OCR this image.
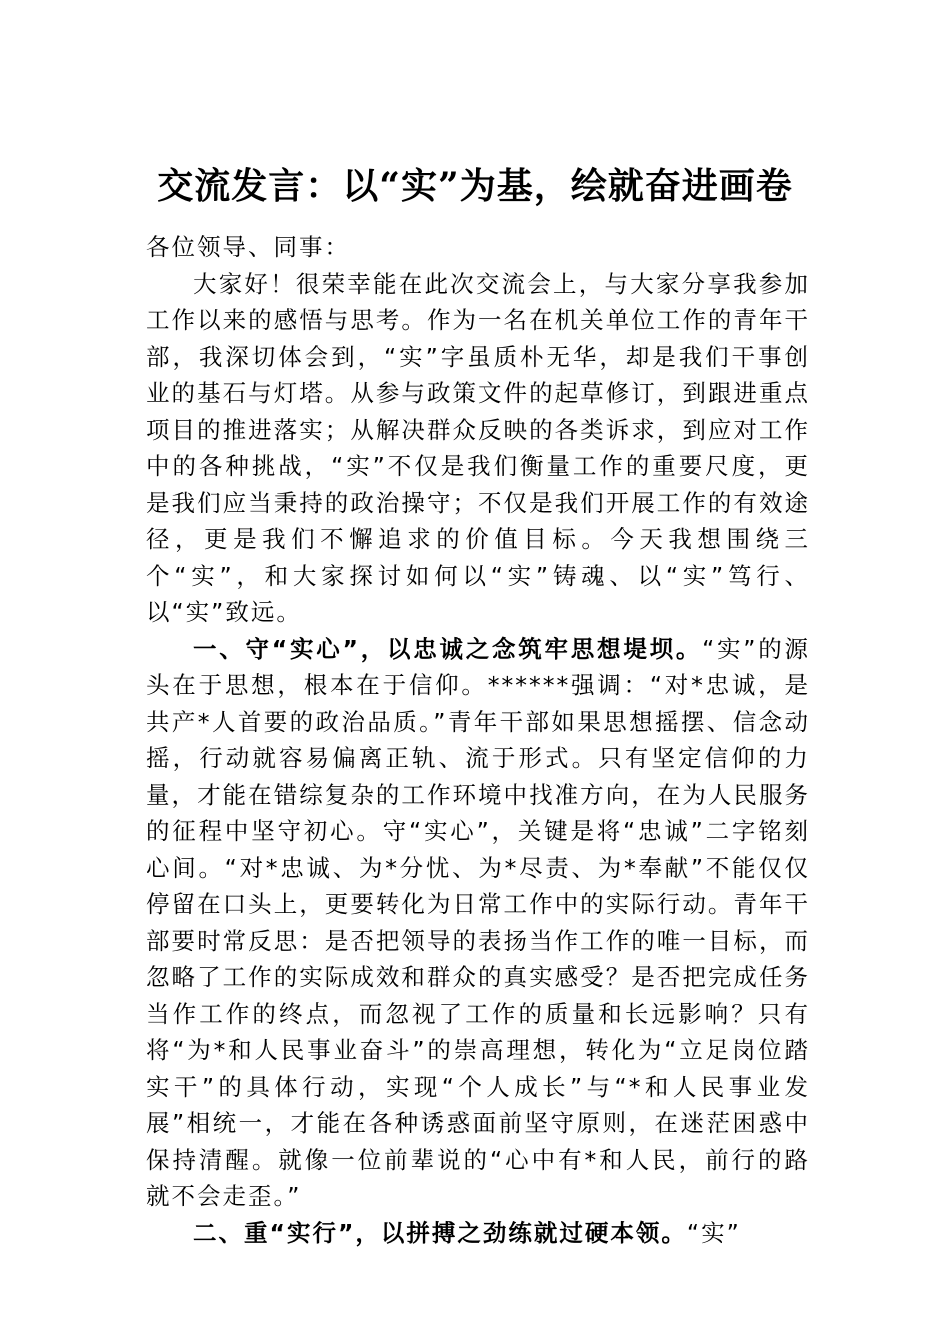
交流发言：以“实”为基，绘就奋进画卷

各位领导、同事：

大家好！很荣幸能在此次交流会上，与大家分享我参加工作以来的感悟与思考。作为一名在机关单位工作的青年干部，我深切体会到，“实”字虽质朴无华，却是我们干事创业的基石与灯塔。从参与政策文件的起草修订，到跟进重点项目的推进落实；从解决群众反映的各类诉求，到应对工作中的各种挑战，“实”不仅是我们衡量工作的重要尺度，更是我们应当秉持的政治操守；不仅是我们开展工作的有效途径，更是我们不懈追求的价值目标。今天我想围绕三个“实”，和大家探讨如何以“实”铸魂、以“实”笃行、以“实”致远。

一、守“实心”，以忠诚之念筑牢思想堤坝。“实”的源头在于思想，根本在于信仰。******强调：“对*忠诚，是共产*人首要的政治品质。”青年干部如果思想摇摆、信念动摇，行动就容易偏离正轨、流于形式。只有坚定信仰的力量，才能在错综复杂的工作环境中找准方向，在为人民服务的征程中坚守初心。守“实心”，关键是将“忠诚”二字铭刻心间。“对*忠诚、为*分忧、为*尽责、为*奉献”不能仅仅停留在口头上，更要转化为日常工作中的实际行动。青年干部要时常反思：是否把领导的表扬当作工作的唯一目标，而忽略了工作的实际成效和群众的真实感受？是否把完成任务当作工作的终点，而忽视了工作的质量和长远影响？只有将“为*和人民事业奋斗”的崇高理想，转化为“立足岗位踏实干”的具体行动，实现“个人成长”与“*和人民事业发展”相统一，才能在各种诱惑面前坚守原则，在迷茫困惑中保持清醒。就像一位前辈说的“心中有*和人民，前行的路就不会走歪。”

二、重“实行”，以拼搏之劲练就过硬本领。“实”
